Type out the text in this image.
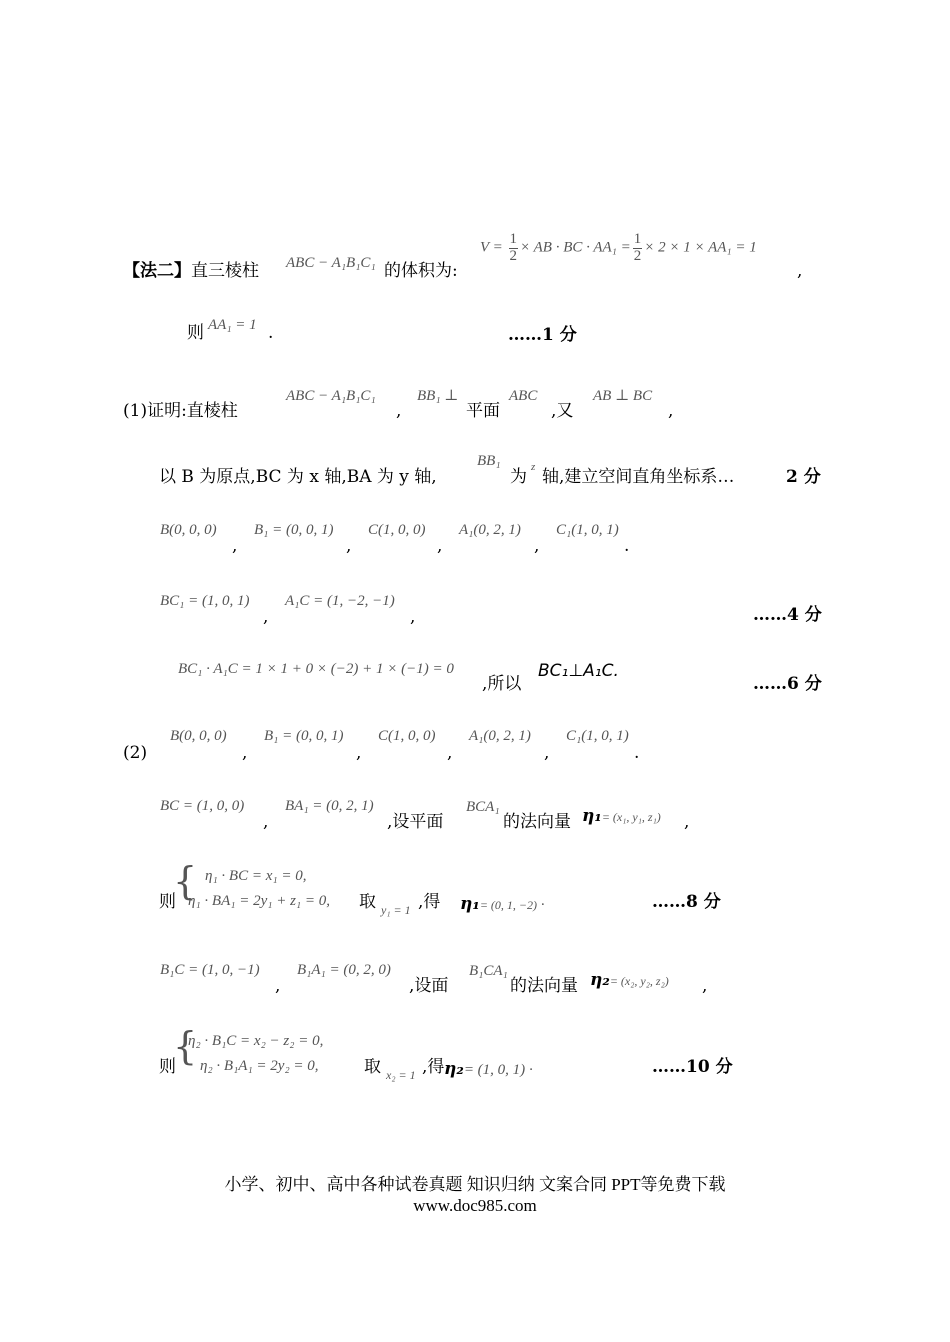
【法二】直三棱柱 ABC − A₁B₁C₁ 的体积为:
$V = \frac{1}{2}$ × AB · BC · $AA_1 = \frac{1}{2} \times 2 \times 1 \times AA_1 = 1$
,
则 AA₁ = 1 .	……1 分
(1)证明:直棱柱
ABC − A₁B₁C₁
,
BB₁ ⊥
平面
ABC
,又
AB ⊥ BC
,
以 B 为原点,BC 为 x 轴,BA 为 y 轴,
BB₁
为 z 轴,建立空间直角坐标系…	2 分
B(0, 0, 0)
,
B₁ = (0, 0, 1)
,
C(1, 0, 0)
,
A₁(0, 2, 1)
,
C₁(1, 0, 1)
.
BC₁ = (1, 0, 1)
,
A₁C = (1, −2, −1)
,	……4 分
BC₁ · A₁C = 1 × 1 + 0 × (−2) + 1 × (−1) = 0
,所以
BC₁⊥A₁C.
……6 分
(2)
B(0, 0, 0)
,
B₁ = (0, 0, 1)
,
C(1, 0, 0)
,
A₁(0, 2, 1)
,
C₁(1, 0, 1)
.
BC = (1, 0, 0)
,
BA₁ = (0, 2, 1)
,设平面
BCA₁
的法向量 η₁= (x₁, y₁, z₁) ,
则
{ η₁ · BC = x₁ = 0,
η₁ · BA₁ = 2y₁ + z₁ = 0, 取 y₁ = 1 ,得 η₁= (0, 1, −2) ·	……8 分
B₁C = (1, 0, −1)
,
B₁A₁ = (0, 2, 0)
,设面
B₁CA₁
的法向量 η₂= (x₂, y₂, z₂) ,
则
{
η₂ · B₁C = x₂ − z₂ = 0,
η₂ · B₁A₁ = 2y₂ = 0,	取 x₂ = 1 ,得 η₂= (1, 0, 1) ·	……10 分
小学、初中、高中各种试卷真题 知识归纳 文案合同 PPT等免费下载
www.doc985.com
